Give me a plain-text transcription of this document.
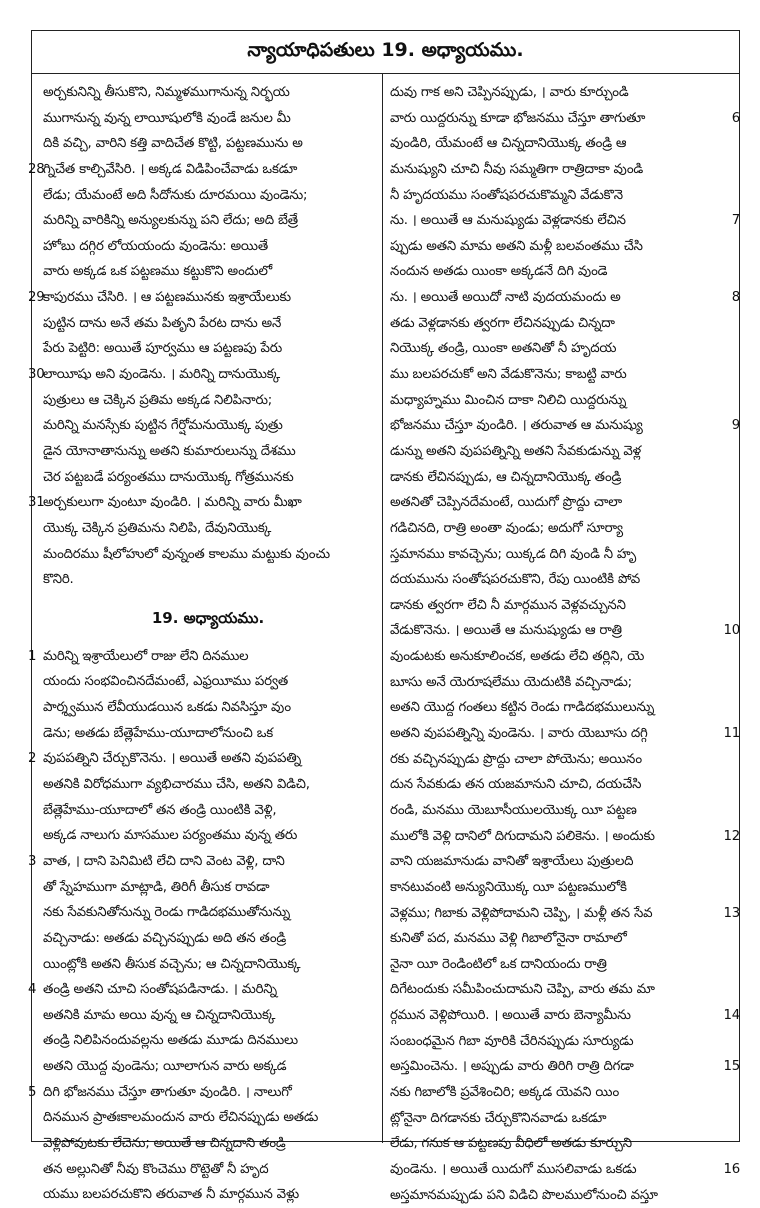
న్యాయాధిపతులు 19. అధ్యాయము.
అర్చకునిన్ని తీసుకొని, నిమ్మళముగానున్న నిర్భయ
ముగానున్న వున్న లాయీషులోకి వుండే జనుల మీ
దికి వచ్చి, వారిని కత్తి వాదిచేత కొట్టి, పట్టణమును అ
28
గ్నిచేత కాల్చివేసిరి. । అక్కడ విడిపించేవాడు ఒకడూ
లేడు; యేమంటే అది సీదోనుకు దూరమయి వుండెను;
మరిన్ని వారికిన్ని అన్యులకున్ను పని లేదు; అది బేత్రే
హోబు దగ్గిర లోయయందు వుండెను: అయితే
వారు అక్కడ ఒక పట్టణము కట్టుకొని అందులో
29
కాపురము చేసిరి. । ఆ పట్టణమునకు ఇశ్రాయేలుకు
పుట్టిన దాను అనే తమ పితృని పేరట దాను అనే
పేరు పెట్టిరి: అయితే పూర్వము ఆ పట్టణపు పేరు
30
లాయీషు అని వుండెను. । మరిన్ని దానుయొక్క
పుత్రులు ఆ చెక్కిన ప్రతిమ అక్కడ నిలిపినారు;
మరిన్ని మనస్సేకు పుట్టిన గేర్షోమనుయొక్క పుత్రు
డైన యోనాతానున్ను అతని కుమారులున్ను దేశము
చెర పట్టబడే పర్యంతము దానుయొక్క గోత్రమునకు
31
అర్చకులుగా వుంటూ వుండిరి. । మరిన్ని వారు మీఖా
యొక్క చెక్కిన ప్రతిమను నిలిపి, దేవునియొక్క
మందిరము షీలోహులో వున్నంత కాలము మట్టుకు వుంచు
కొనిరి.
19. అధ్యాయము.
1 మరిన్ని ఇశ్రాయేలులో రాజు లేని దినముల
యందు సంభవించినదేమంటే, ఎఫ్రయీము పర్వత
పార్శ్వమున లేవీయుడయిన ఒకడు నివసిస్తూ వుం
డెను; అతడు బేత్లెహేము-యూదాలోనుంచి ఒక
2 వుపపత్నిని చేర్చుకొనెను. । అయితే అతని వుపపత్ని
అతనికి విరోధముగా వ్యభిచారము చేసి, అతని విడిచి,
బేత్లెహేము-యూదాలో తన తండ్రి యింటికి వెళ్లి,
అక్కడ నాలుగు మాసముల పర్యంతము వున్న తరు
3 వాత, । దాని పెనిమిటి లేచి దాని వెంట వెళ్లి, దాని
తో స్నేహముగా మాట్లాడి, తిరిగీ తీసుక రావడా
నకు సేవకునితోనున్ను రెండు గాడిదభముతోనున్ను
వచ్చినాడు: అతడు వచ్చినప్పుడు అది తన తండ్రి
యింట్లోకి అతని తీసుక వచ్చెను; ఆ చిన్నదానియొక్క
4 తండ్రి అతని చూచి సంతోషపడినాడు. । మరిన్ని
అతనికి మామ అయి వున్న ఆ చిన్నదానియొక్క
తండ్రి నిలిపినందువల్లను అతడు మూడు దినములు
అతని యొద్ద వుండెను; యీలాగున వారు అక్కడ
5 దిగి భోజనము చేస్తూ తాగుతూ వుండిరి. । నాలుగో
దినమున ప్రాతఃకాలమందున వారు లేచినప్పుడు అతడు
వెళ్లిపోవుటకు లేచెను; అయితే ఆ చిన్నదాని తండ్రి
తన అల్లునితో నీవు కొంచెము రొట్టెతో నీ హృద
యము బలపరచుకొని తరువాత నీ మార్గమున వెళ్లు
దువు గాక అని చెప్పినప్పుడు, । వారు కూర్చుండి
6
వారు యిద్దరున్ను కూడా భోజనము చేస్తూ తాగుతూ
వుండిరి, యేమంటే ఆ చిన్నదానియొక్క తండ్రి ఆ
మనుష్యుని చూచి నీవు సమ్మతిగా రాత్రిదాకా వుండి
నీ హృదయము సంతోషపరచుకొమ్మని వేడుకొనె
7
ను. । అయితే ఆ మనుష్యుడు వెళ్లడానకు లేచిన
ప్పుడు అతని మామ అతని మళ్లీ బలవంతము చేసి
నందున అతడు యింకా అక్కడనే దిగి వుండె
8
ను. । అయితే అయిదో నాటి వుదయమందు అ
తడు వెళ్లడానకు త్వరగా లేచినప్పుడు చిన్నదా
నియొక్క తండ్రి, యింకా అతనితో నీ హృదయ
ము బలపరచుకో అని వేడుకొనెను; కాబట్టి వారు
మధ్యాహ్నము మించిన దాకా నిలిచి యిద్దరున్ను
9
భోజనము చేస్తూ వుండిరి. । తరువాత ఆ మనుష్యు
డున్ను అతని వుపపత్నిన్ని అతని సేవకుడున్ను వెళ్ల
డానకు లేచినప్పుడు, ఆ చిన్నదానియొక్క తండ్రి
అతనితో చెప్పినదేమంటే, యిదుగో ప్రొద్దు చాలా
గడిచినది, రాత్రి అంతా వుండు; అదుగో సూర్యా
స్తమానము కావచ్చెను; యిక్కడ దిగి వుండి నీ హృ
దయమును సంతోషపరచుకొని, రేపు యింటికి పోవ
డానకు త్వరగా లేచి నీ మార్గమున వెళ్లవచ్చునని
10
వేడుకొనెను. । అయితే ఆ మనుష్యుడు ఆ రాత్రి
వుండుటకు అనుకూలించక, అతడు లేచి తర్లిని, యె
బూసు అనే యెరూషలేము యెదుటికి వచ్చినాడు;
అతని యొద్ద గంతలు కట్టిన రెండు గాడిదభములున్ను
11
అతని వుపపత్నిన్ని వుండెను. । వారు యెబూసు దగ్గి
రకు వచ్చినప్పుడు ప్రొద్దు చాలా పోయెను; అయినం
దున సేవకుడు తన యజమానుని చూచి, దయచేసి
రండి, మనము యెబూసీయులయొక్క యీ పట్టణ
12
ములోకి వెళ్లి దానిలో దిగుదామని పలికెను. । అందుకు
వాని యజమానుడు వానితో ఇశ్రాయేలు పుత్రులది
కానటువంటి అన్యునియొక్క యీ పట్టణములోకి
13
వెళ్లము; గిబాకు వెళ్లిపోదామని చెప్పి, । మళ్లీ తన సేవ
కునితో పద, మనము వెళ్లి గిబాలోనైనా రామాలో
నైనా యీ రెండింటిలో ఒక దానియందు రాత్రి
దిగేటందుకు సమీపించుదామని చెప్పి, వారు తమ మా
14
ర్గమున వెళ్లిపోయిరి. । అయితే వారు బెన్యామీను
సంబంధమైన గిబా వూరికి చేరినప్పుడు సూర్యుడు
15
అస్తమించెను. । అప్పుడు వారు తిరిగి రాత్రి దిగడా
నకు గిబాలోకి ప్రవేశించిరి; అక్కడ యెవని యిం
ట్లోనైనా దిగడానకు చేర్చుకొనినవాడు ఒకడూ
లేడు, గనుక ఆ పట్టణపు వీధిలో అతడు కూర్చుని
16
వుండెను. । అయితే యిదుగో ముసలివాడు ఒకడు
అస్తమానమప్పుడు పని విడిచి పొలములోనుంచి వస్తూ
